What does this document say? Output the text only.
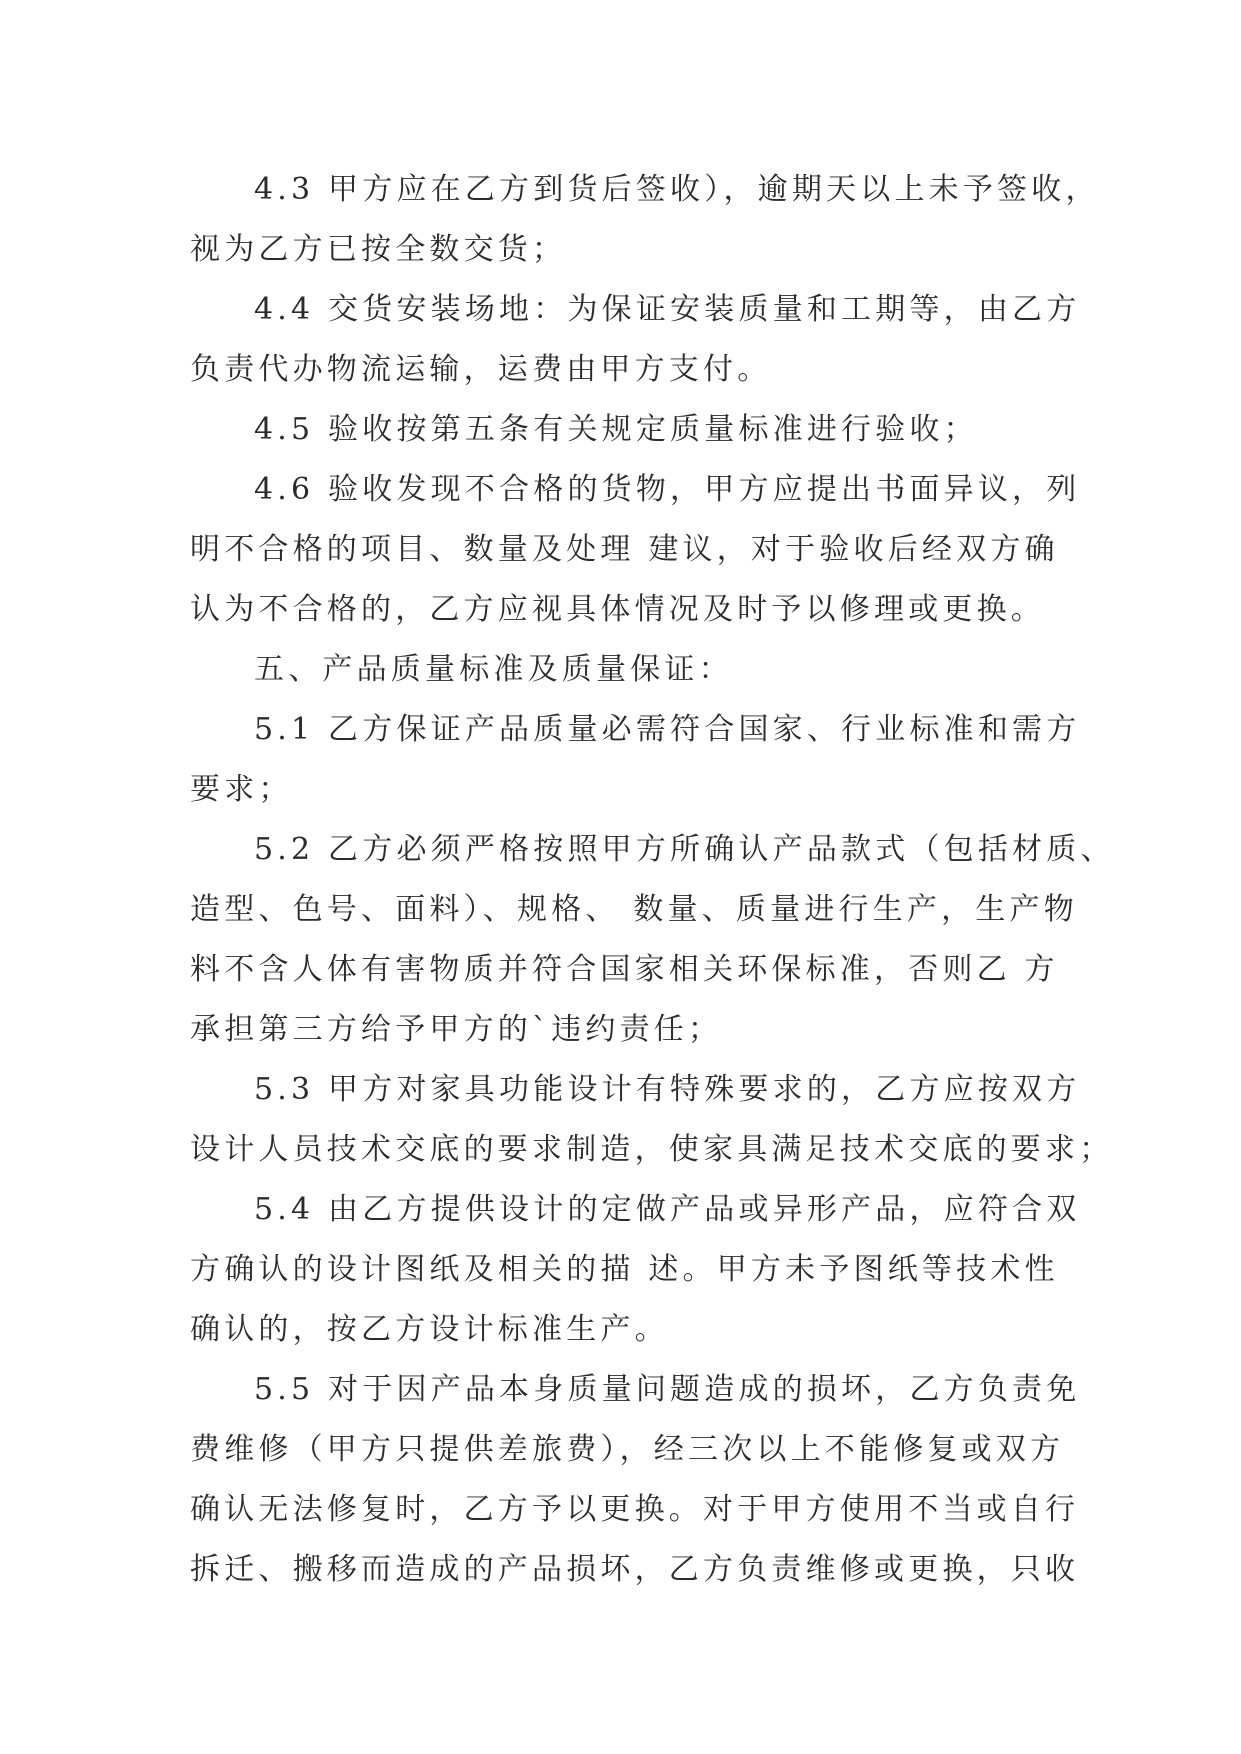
4.3 甲方应在乙方到货后签收），逾期天以上未予签收，
视为乙方已按全数交货；
4.4 交货安装场地：为保证安装质量和工期等，由乙方
负责代办物流运输，运费由甲方支付。
4.5 验收按第五条有关规定质量标准进行验收；
4.6 验收发现不合格的货物，甲方应提出书面异议，列
明不合格的项目、数量及处理 建议，对于验收后经双方确
认为不合格的，乙方应视具体情况及时予以修理或更换。
五、产品质量标准及质量保证：
5.1 乙方保证产品质量必需符合国家、行业标准和需方
要求；
5.2 乙方必须严格按照甲方所确认产品款式（包括材质、
造型、色号、面料）、规格、 数量、质量进行生产，生产物
料不含人体有害物质并符合国家相关环保标准，否则乙 方
承担第三方给予甲方的`违约责任；
5.3 甲方对家具功能设计有特殊要求的，乙方应按双方
设计人员技术交底的要求制造，使家具满足技术交底的要求；
5.4 由乙方提供设计的定做产品或异形产品，应符合双
方确认的设计图纸及相关的描 述。甲方未予图纸等技术性
确认的，按乙方设计标准生产。
5.5 对于因产品本身质量问题造成的损坏，乙方负责免
费维修（甲方只提供差旅费），经三次以上不能修复或双方
确认无法修复时，乙方予以更换。对于甲方使用不当或自行
拆迁、搬移而造成的产品损坏，乙方负责维修或更换，只收
